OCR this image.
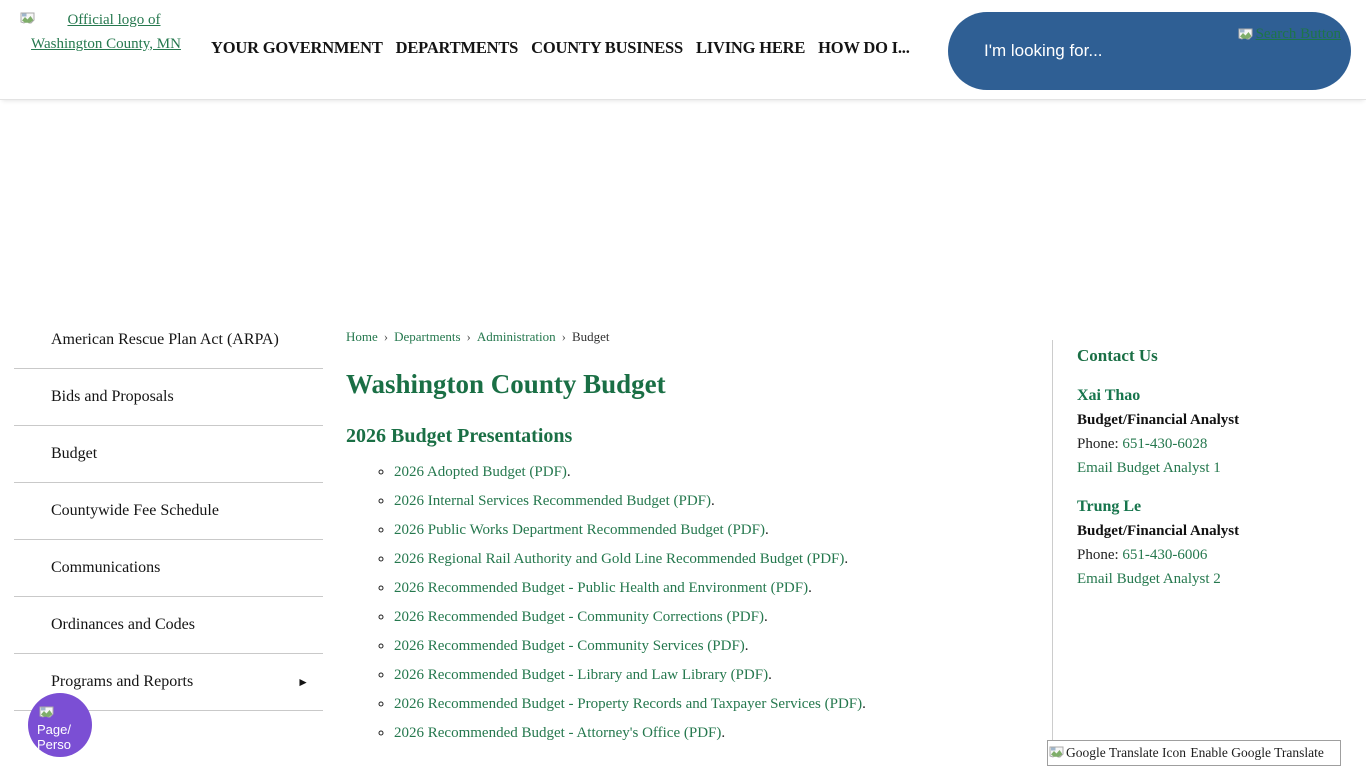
Official logo of Washington County, MN	YOUR GOVERNMENT DEPARTMENTS COUNTY BUSINESS LIVING HERE HOW DO I...
I'm looking for...
Search Button
American Rescue Plan Act (ARPA)
Bids and Proposals
Budget
Countywide Fee Schedule
Communications
Ordinances and Codes
Programs and Reports	►
Home › Departments › Administration › Budget
Washington County Budget
2026 Budget Presentations
◦ 2026 Adopted Budget (PDF).
◦ 2026 Internal Services Recommended Budget (PDF).
◦ 2026 Public Works Department Recommended Budget (PDF).
◦ 2026 Regional Rail Authority and Gold Line Recommended Budget (PDF).
◦ 2026 Recommended Budget - Public Health and Environment (PDF).
◦ 2026 Recommended Budget - Community Corrections (PDF).
◦ 2026 Recommended Budget - Community Services (PDF).
◦ 2026 Recommended Budget - Library and Law Library (PDF).
◦ 2026 Recommended Budget - Property Records and Taxpayer Services (PDF).
◦ 2026 Recommended Budget - Attorney's Office (PDF).
Contact Us
Xai Thao
Budget/Financial Analyst
Phone: 651-430-6028
Email Budget Analyst 1
Trung Le
Budget/Financial Analyst
Phone: 651-430-6006
Email Budget Analyst 2
Page/
Perso
Google Translate Icon
Enable Google Translate
